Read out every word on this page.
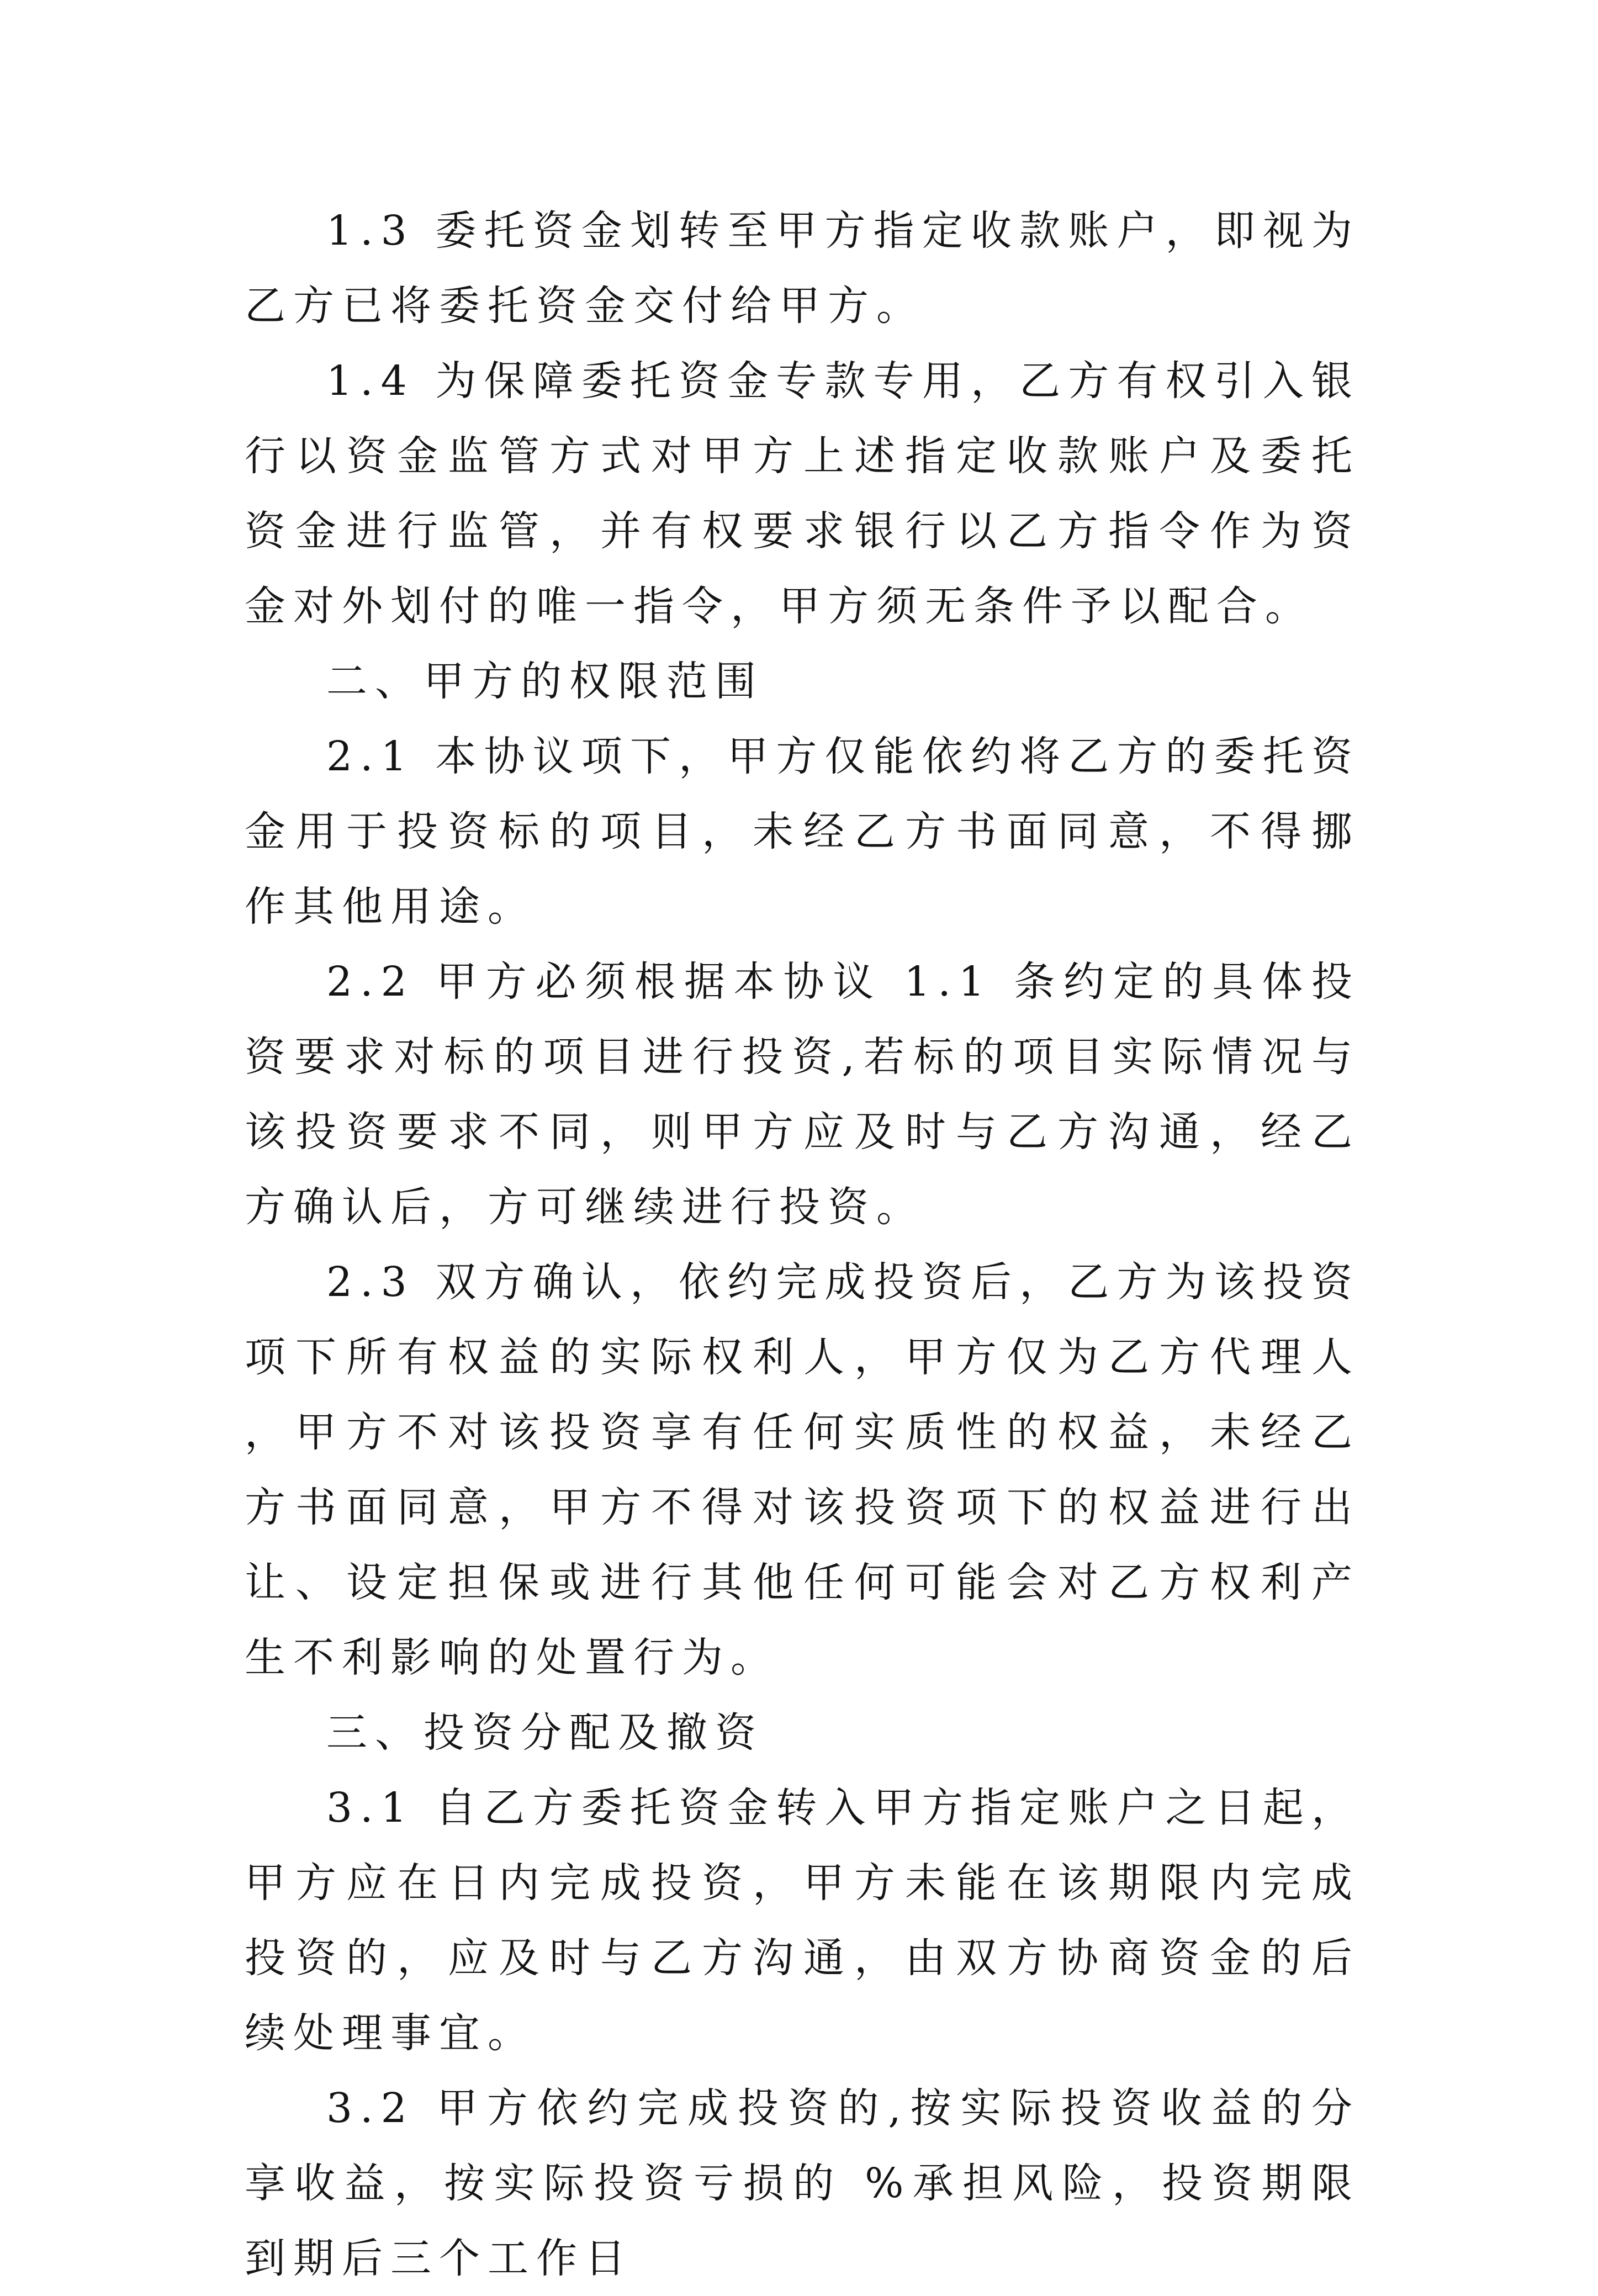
1.3 委托资金划转至甲方指定收款账户，即视为乙方已将委托资金交付给甲方。

1.4 为保障委托资金专款专用，乙方有权引入银行以资金监管方式对甲方上述指定收款账户及委托资金进行监管，并有权要求银行以乙方指令作为资金对外划付的唯一指令，甲方须无条件予以配合。

二、甲方的权限范围

2.1 本协议项下，甲方仅能依约将乙方的委托资金用于投资标的项目，未经乙方书面同意，不得挪作其他用途。

2.2 甲方必须根据本协议 1.1 条约定的具体投资要求对标的项目进行投资,若标的项目实际情况与该投资要求不同，则甲方应及时与乙方沟通，经乙方确认后，方可继续进行投资。

2.3 双方确认，依约完成投资后，乙方为该投资项下所有权益的实际权利人，甲方仅为乙方代理人，甲方不对该投资享有任何实质性的权益，未经乙方书面同意，甲方不得对该投资项下的权益进行出让、设定担保或进行其他任何可能会对乙方权利产生不利影响的处置行为。

三、投资分配及撤资

3.1 自乙方委托资金转入甲方指定账户之日起，甲方应在日内完成投资，甲方未能在该期限内完成投资的，应及时与乙方沟通，由双方协商资金的后续处理事宜。

3.2 甲方依约完成投资的,按实际投资收益的分享收益，按实际投资亏损的 %承担风险，投资期限到期后三个工作日
